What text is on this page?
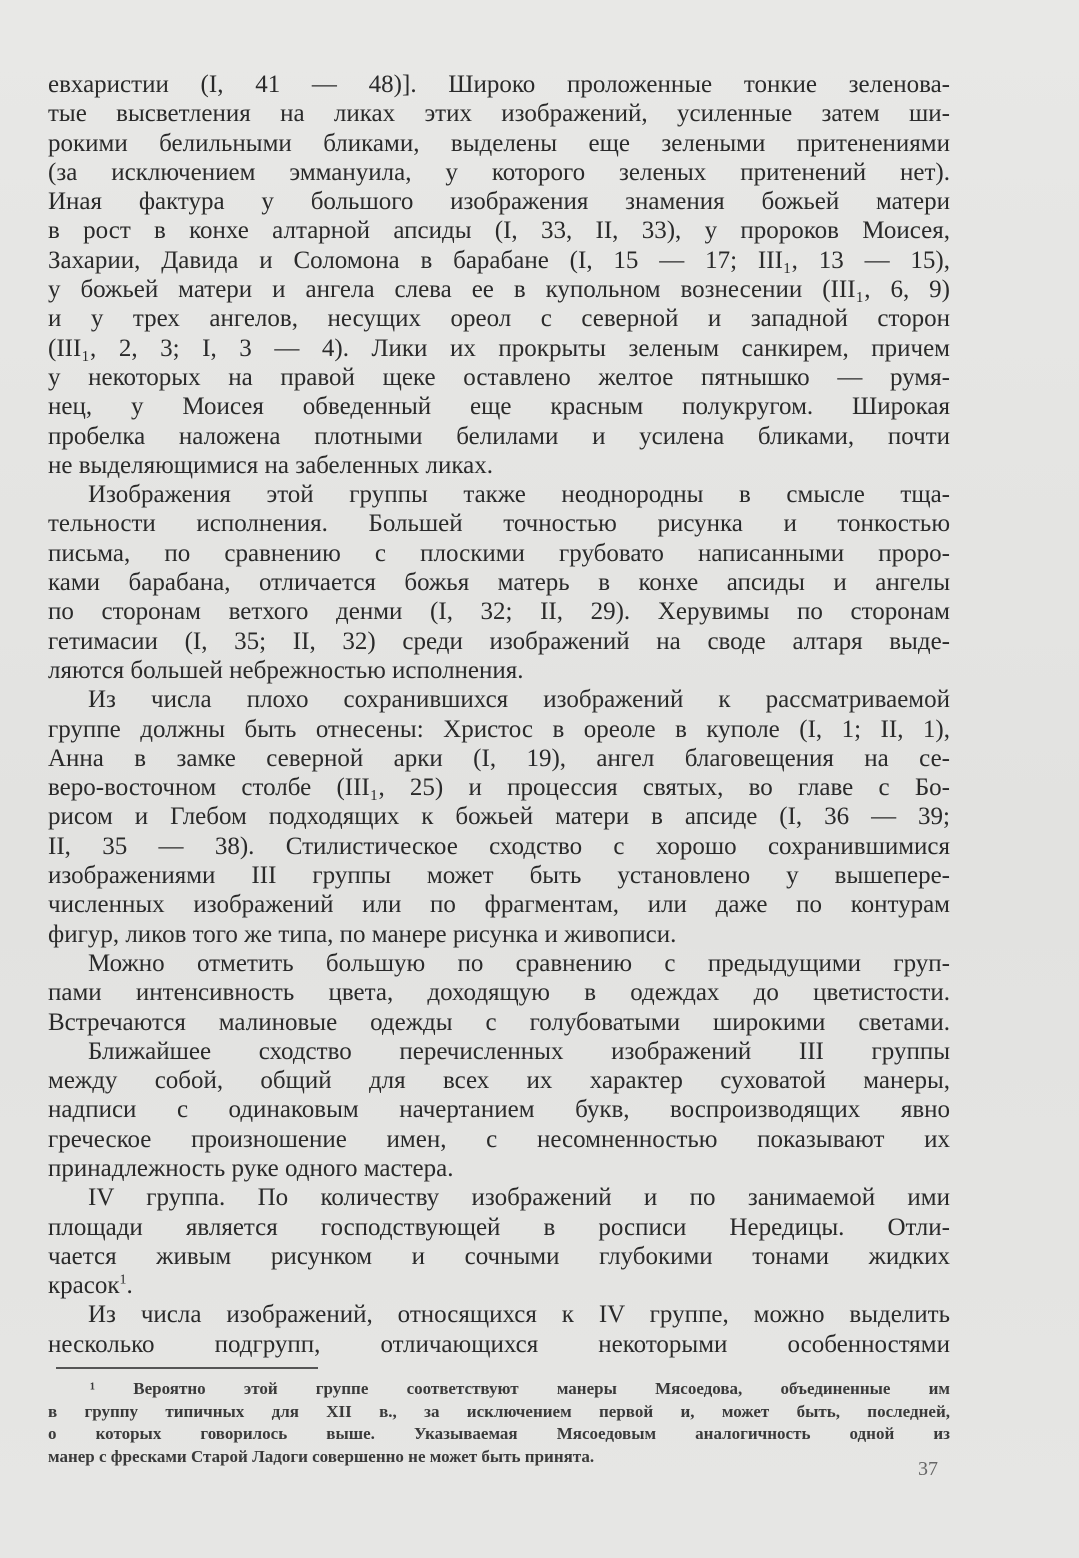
евхаристии (I, 41 — 48)]. Широко проложенные тонкие зеленова-
тые высветления на ликах этих изображений, усиленные затем ши-
рокими белильными бликами, выделены еще зелеными притенениями
(за исключением эммануила, у которого зеленых притенений нет).
Иная фактура у большого изображения знамения божьей матери
в рост в конхе алтарной апсиды (I, 33, II, 33), у пророков Моисея,
Захарии, Давида и Соломона в барабане (I, 15 — 17; III₁, 13 — 15),
у божьей матери и ангела слева ее в купольном вознесении (III₁, 6, 9)
и у трех ангелов, несущих ореол с северной и западной сторон
(III₁, 2, 3; I, 3 — 4). Лики их прокрыты зеленым санкирем, причем
у некоторых на правой щеке оставлено желтое пятнышко — румя-
нец, у Моисея обведенный еще красным полукругом. Широкая
пробелка наложена плотными белилами и усилена бликами, почти
не выделяющимися на забеленных ликах.
Изображения этой группы также неоднородны в смысле тща-
тельности исполнения. Большей точностью рисунка и тонкостью
письма, по сравнению с плоскими грубовато написанными проро-
ками барабана, отличается божья матерь в конхе апсиды и ангелы
по сторонам ветхого денми (I, 32; II, 29). Херувимы по сторонам
гетимасии (I, 35; II, 32) среди изображений на своде алтаря выде-
ляются большей небрежностью исполнения.
Из числа плохо сохранившихся изображений к рассматриваемой
группе должны быть отнесены: Христос в ореоле в куполе (I, 1; II, 1),
Анна в замке северной арки (I, 19), ангел благовещения на се-
веро-восточном столбе (III₁, 25) и процессия святых, во главе с Бо-
рисом и Глебом подходящих к божьей матери в апсиде (I, 36 — 39;
II, 35 — 38). Стилистическое сходство с хорошо сохранившимися
изображениями III группы может быть установлено у вышепере-
численных изображений или по фрагментам, или даже по контурам
фигур, ликов того же типа, по манере рисунка и живописи.
Можно отметить большую по сравнению с предыдущими груп-
пами интенсивность цвета, доходящую в одеждах до цветистости.
Встречаются малиновые одежды с голубоватыми широкими светами.
Ближайшее сходство перечисленных изображений III группы
между собой, общий для всех их характер суховатой манеры,
надписи с одинаковым начертанием букв, воспроизводящих явно
греческое произношение имен, с несомненностью показывают их
принадлежность руке одного мастера.
IV группа. По количеству изображений и по занимаемой ими
площади является господствующей в росписи Нередицы. Отли-
чается живым рисунком и сочными глубокими тонами жидких
красок$^1$.
Из числа изображений, относящихся к IV группе, можно выделить
несколько подгрупп, отличающихся некоторыми особенностями
¹ Вероятно этой группе соответствуют манеры Мясоедова, объединенные им
в группу типичных для XII в., за исключением первой и, может быть, последней,
о которых говорилось выше. Указываемая Мясоедовым аналогичность одной из
манер с фресками Старой Ладоги совершенно не может быть принята.
37
